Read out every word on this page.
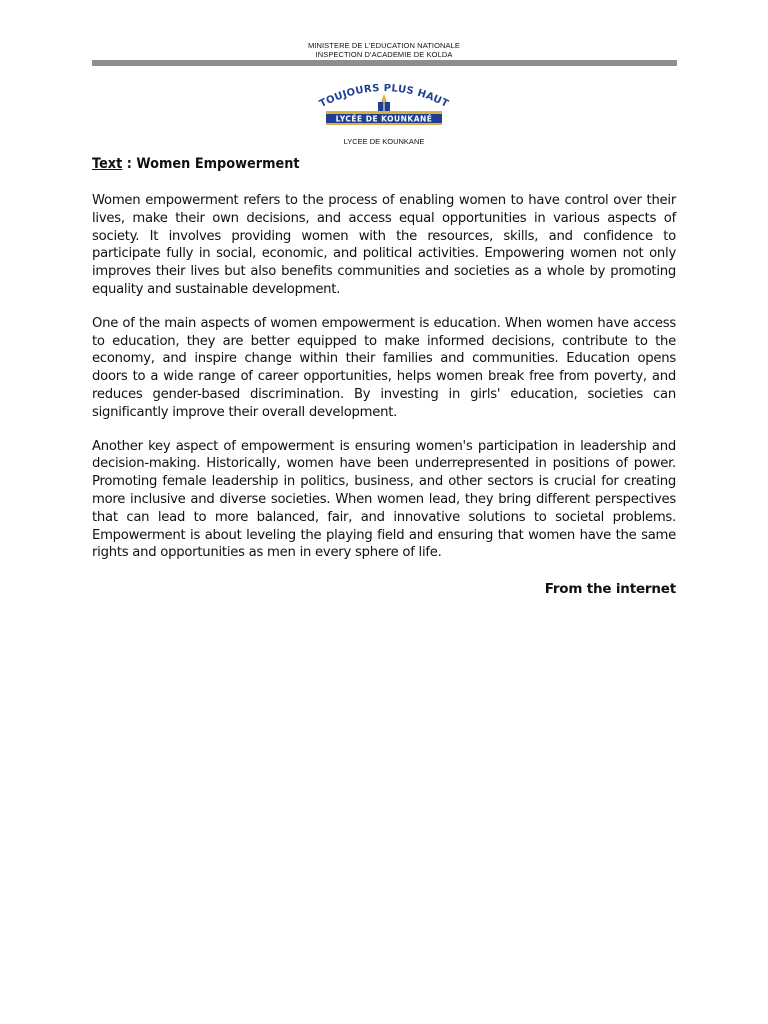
MINISTERE DE L'EDUCATION NATIONALE
INSPECTION D'ACADEMIE DE KOLDA
TOUJOURS PLUS HAUT
LYCÉE DE KOUNKANÉ
LYCEE DE KOUNKANE
Text : Women Empowerment

Women empowerment refers to the process of enabling women to have control over their lives, make their own decisions, and access equal opportunities in various aspects of society. It involves providing women with the resources, skills, and confidence to participate fully in social, economic, and political activities. Empowering women not only improves their lives but also benefits communities and societies as a whole by promoting equality and sustainable development.

One of the main aspects of women empowerment is education. When women have access to education, they are better equipped to make informed decisions, contribute to the economy, and inspire change within their families and communities. Education opens doors to a wide range of career opportunities, helps women break free from poverty, and reduces gender-based discrimination. By investing in girls' education, societies can significantly improve their overall development.

Another key aspect of empowerment is ensuring women's participation in leadership and decision-making. Historically, women have been underrepresented in positions of power. Promoting female leadership in politics, business, and other sectors is crucial for creating more inclusive and diverse societies. When women lead, they bring different perspectives that can lead to more balanced, fair, and innovative solutions to societal problems. Empowerment is about leveling the playing field and ensuring that women have the same rights and opportunities as men in every sphere of life.

From the internet
